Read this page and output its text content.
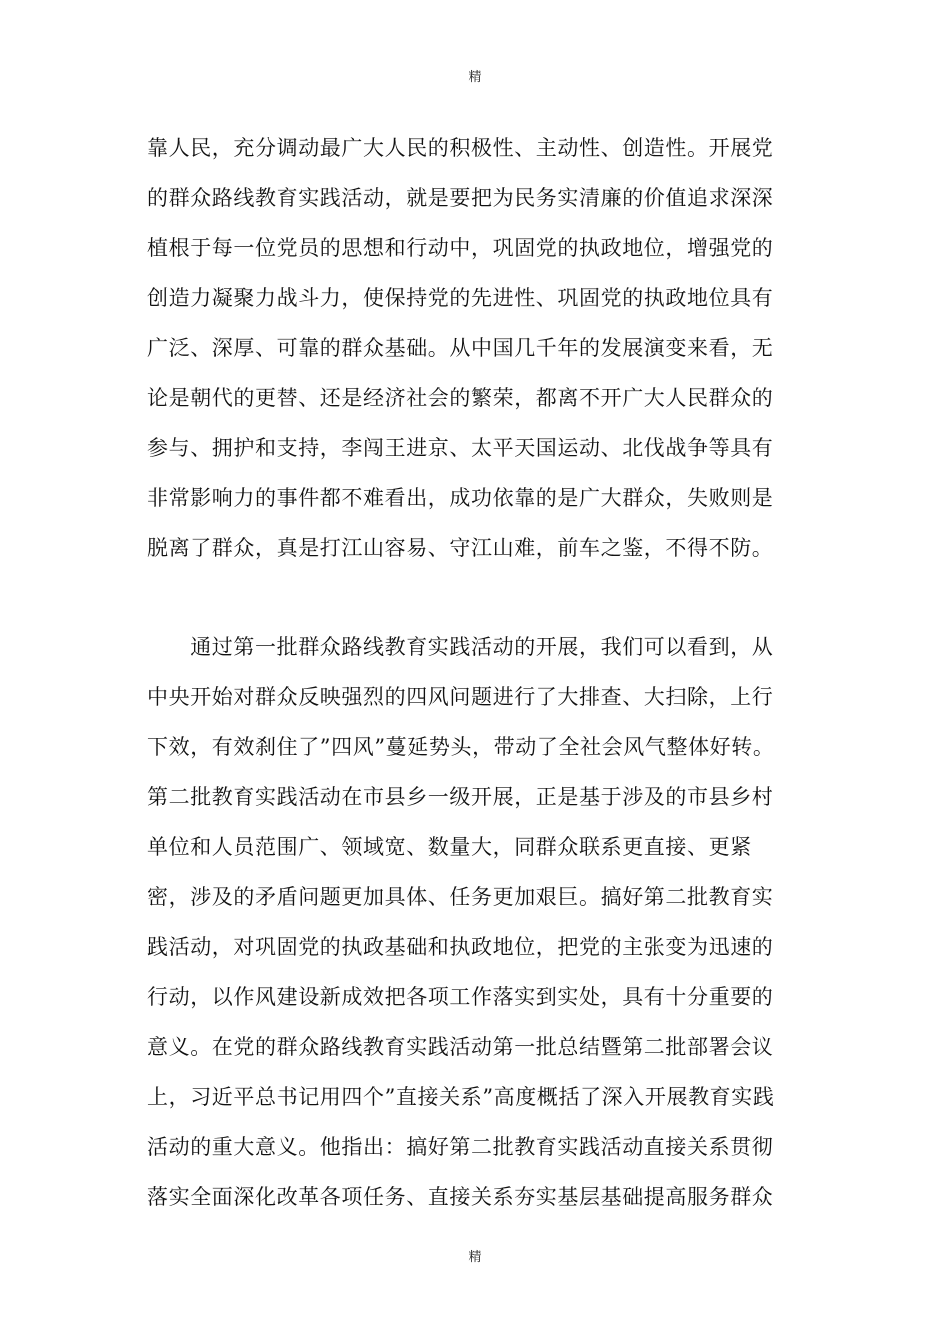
精
靠人民，充分调动最广大人民的积极性、主动性、创造性。开展党
的群众路线教育实践活动，就是要把为民务实清廉的价值追求深深
植根于每一位党员的思想和行动中，巩固党的执政地位，增强党的
创造力凝聚力战斗力，使保持党的先进性、巩固党的执政地位具有
广泛、深厚、可靠的群众基础。从中国几千年的发展演变来看，无
论是朝代的更替、还是经济社会的繁荣，都离不开广大人民群众的
参与、拥护和支持，李闯王进京、太平天国运动、北伐战争等具有
非常影响力的事件都不难看出，成功依靠的是广大群众，失败则是
脱离了群众，真是打江山容易、守江山难，前车之鉴，不得不防。
　　通过第一批群众路线教育实践活动的开展，我们可以看到，从
中央开始对群众反映强烈的四风问题进行了大排查、大扫除，上行
下效，有效刹住了”四风”蔓延势头，带动了全社会风气整体好转。
第二批教育实践活动在市县乡一级开展，正是基于涉及的市县乡村
单位和人员范围广、领域宽、数量大，同群众联系更直接、更紧
密，涉及的矛盾问题更加具体、任务更加艰巨。搞好第二批教育实
践活动，对巩固党的执政基础和执政地位，把党的主张变为迅速的
行动，以作风建设新成效把各项工作落实到实处，具有十分重要的
意义。在党的群众路线教育实践活动第一批总结暨第二批部署会议
上，习近平总书记用四个”直接关系”高度概括了深入开展教育实践
活动的重大意义。他指出：搞好第二批教育实践活动直接关系贯彻
落实全面深化改革各项任务、直接关系夯实基层基础提高服务群众
精
